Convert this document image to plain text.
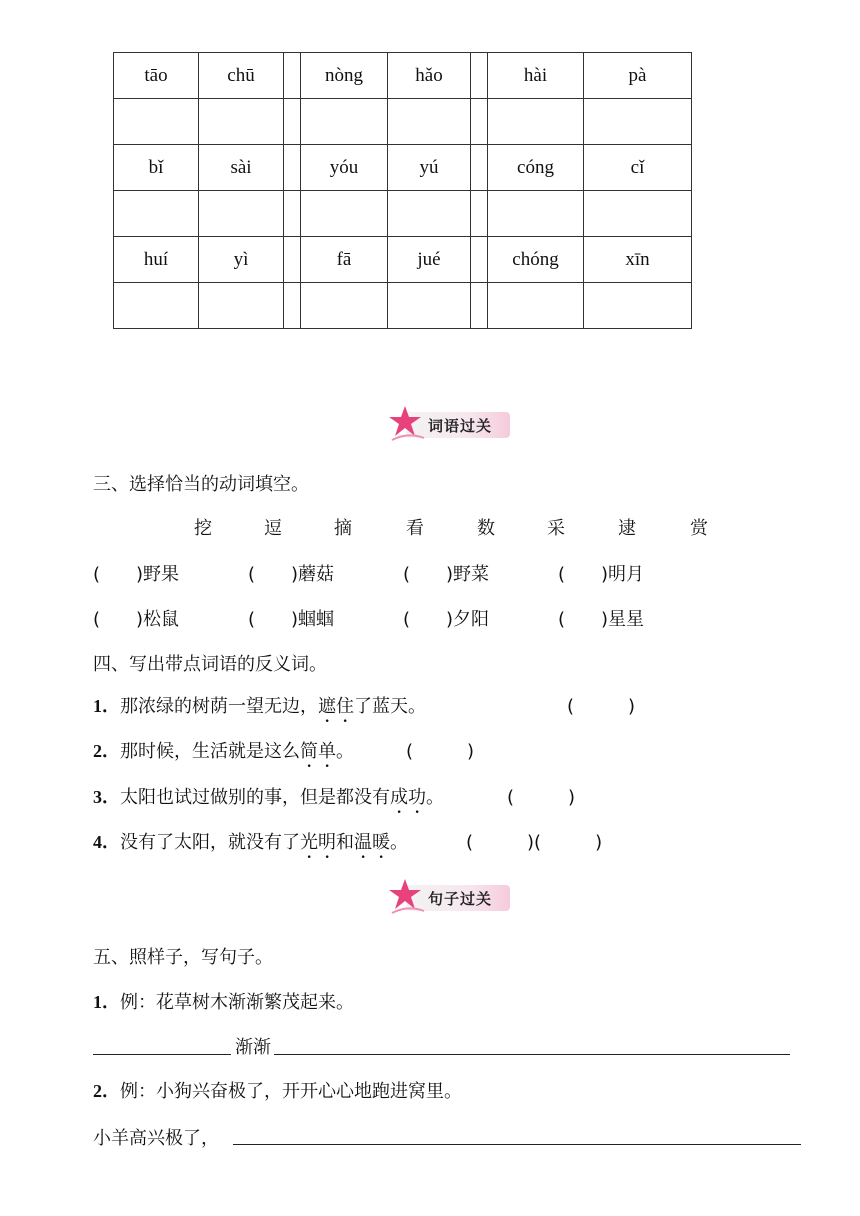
tāo	chū		nòng	hǎo		hài	pà

bǐ	sài		yóu	yú		cóng	cǐ

huí	yì		fā	jué		chóng	xīn

词语过关
三、选择恰当的动词填空。
挖	逗	摘	看	数	采	逮	赏
(　　)野果	(　　)蘑菇	(　　)野菜	(　　)明月
(　　)松鼠	(　　)蝈蝈	(　　)夕阳	(　　)星星
四、写出带点词语的反义词。
1．那浓绿的树荫一望无边，遮住了蓝天。	(　　　)
2．那时候，生活就是这么简单。	(　　　)
3．太阳也试过做别的事，但是都没有成功。	(　　　)
4．没有了太阳，就没有了光明和温暖。	(　　　)(　　　)
句子过关
五、照样子，写句子。
1．例：花草树木渐渐繁茂起来。
渐渐
2．例：小狗兴奋极了，开开心心地跑进窝里。
小羊高兴极了，
